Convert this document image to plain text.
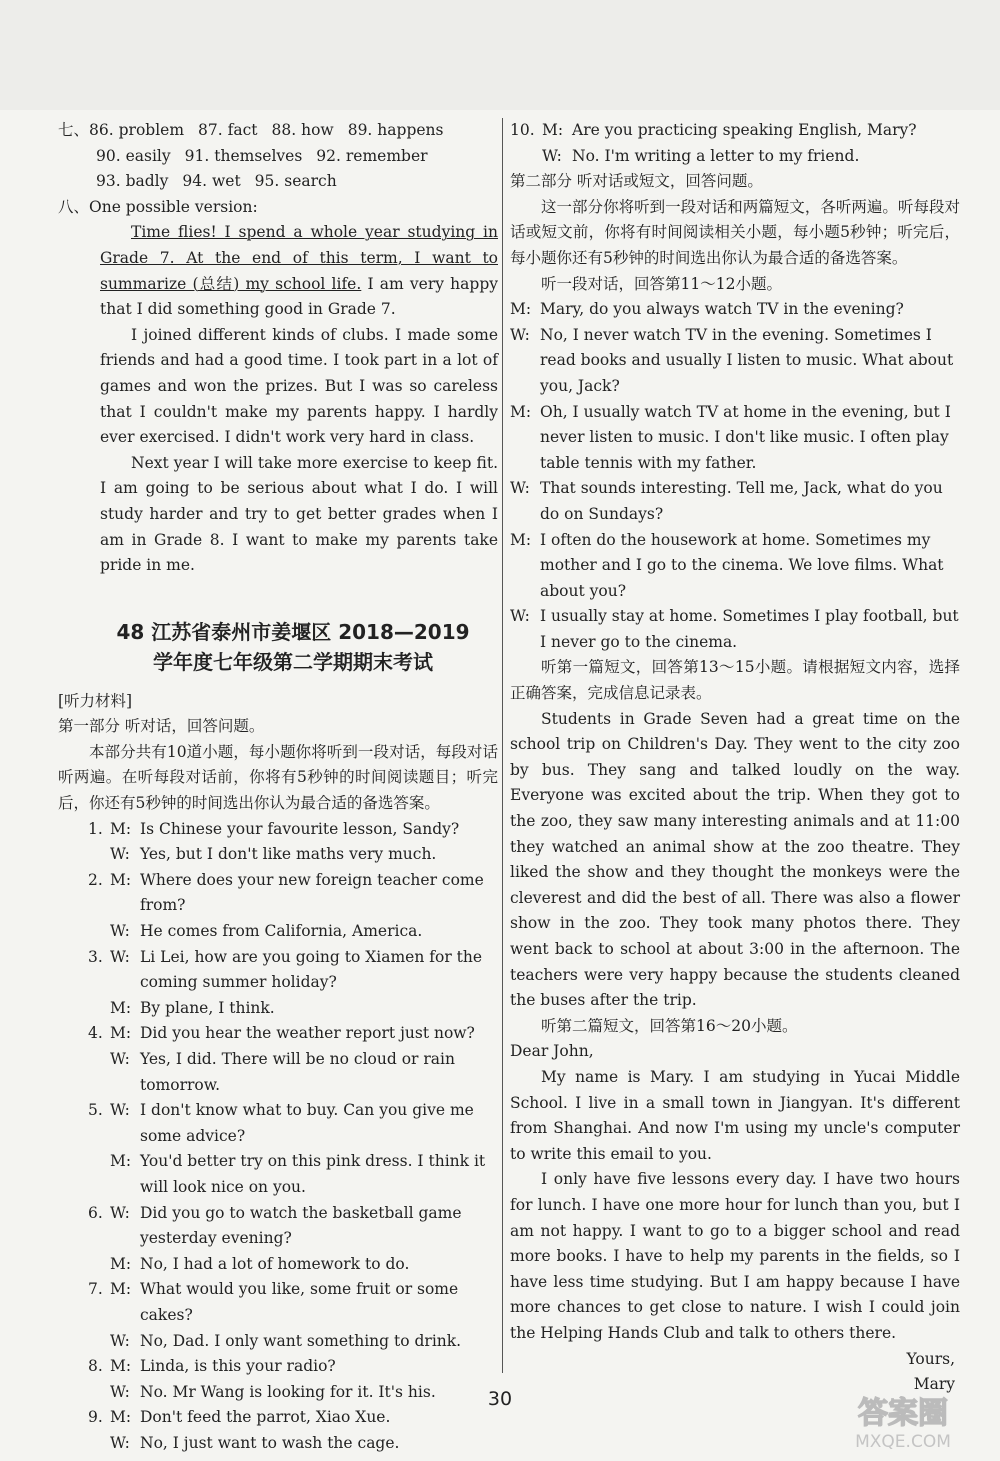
七、86. problem 87. fact 88. how 89. happens
90. easily 91. themselves 92. remember
93. badly 94. wet 95. search
八、One possible version:
Time flies! I spend a whole year studying in Grade 7. At the end of this term, I want to summarize (总结) my school life. I am very happy that I did something good in Grade 7.
I joined different kinds of clubs. I made some friends and had a good time. I took part in a lot of games and won the prizes. But I was so careless that I couldn't make my parents happy. I hardly ever exercised. I didn't work very hard in class.
Next year I will take more exercise to keep fit. I am going to be serious about what I do. I will study harder and try to get better grades when I am in Grade 8. I want to make my parents take pride in me.
48 江苏省泰州市姜堰区 2018—2019
学年度七年级第二学期期末考试
[听力材料]
第一部分 听对话，回答问题。
本部分共有10道小题，每小题你将听到一段对话，每段对话听两遍。在听每段对话前，你将有5秒钟的时间阅读题目；听完后，你还有5秒钟的时间选出你认为最合适的备选答案。
1. M: Is Chinese your favourite lesson, Sandy?
W: Yes, but I don't like maths very much.
2. M: Where does your new foreign teacher come from?
W: He comes from California, America.
3. W: Li Lei, how are you going to Xiamen for the coming summer holiday?
M: By plane, I think.
4. M: Did you hear the weather report just now?
W: Yes, I did. There will be no cloud or rain tomorrow.
5. W: I don't know what to buy. Can you give me some advice?
M: You'd better try on this pink dress. I think it will look nice on you.
6. W: Did you go to watch the basketball game yesterday evening?
M: No, I had a lot of homework to do.
7. M: What would you like, some fruit or some cakes?
W: No, Dad. I only want something to drink.
8. M: Linda, is this your radio?
W: No. Mr Wang is looking for it. It's his.
9. M: Don't feed the parrot, Xiao Xue.
W: No, I just want to wash the cage.
10. M: Are you practicing speaking English, Mary?
W: No. I'm writing a letter to my friend.
第二部分 听对话或短文，回答问题。
这一部分你将听到一段对话和两篇短文，各听两遍。听每段对话或短文前，你将有时间阅读相关小题，每小题5秒钟；听完后，每小题你还有5秒钟的时间选出你认为最合适的备选答案。
听一段对话，回答第11～12小题。
M: Mary, do you always watch TV in the evening?
W: No, I never watch TV in the evening. Sometimes I read books and usually I listen to music. What about you, Jack?
M: Oh, I usually watch TV at home in the evening, but I never listen to music. I don't like music. I often play table tennis with my father.
W: That sounds interesting. Tell me, Jack, what do you do on Sundays?
M: I often do the housework at home. Sometimes my mother and I go to the cinema. We love films. What about you?
W: I usually stay at home. Sometimes I play football, but I never go to the cinema.
听第一篇短文，回答第13～15小题。请根据短文内容，选择正确答案，完成信息记录表。
Students in Grade Seven had a great time on the school trip on Children's Day. They went to the city zoo by bus. They sang and talked loudly on the way. Everyone was excited about the trip. When they got to the zoo, they saw many interesting animals and at 11:00 they watched an animal show at the zoo theatre. They liked the show and they thought the monkeys were the cleverest and did the best of all. There was also a flower show in the zoo. They took many photos there. They went back to school at about 3:00 in the afternoon. The teachers were very happy because the students cleaned the buses after the trip.
听第二篇短文，回答第16～20小题。
Dear John,
My name is Mary. I am studying in Yucai Middle School. I live in a small town in Jiangyan. It's different from Shanghai. And now I'm using my uncle's computer to write this email to you.
I only have five lessons every day. I have two hours for lunch. I have one more hour for lunch than you, but I am not happy. I want to go to a bigger school and read more books. I have to help my parents in the fields, so I have less time studying. But I am happy because I have more chances to get close to nature. I wish I could join the Helping Hands Club and talk to others there.
Yours,
Mary
30	答案圈
MXQE.COM
